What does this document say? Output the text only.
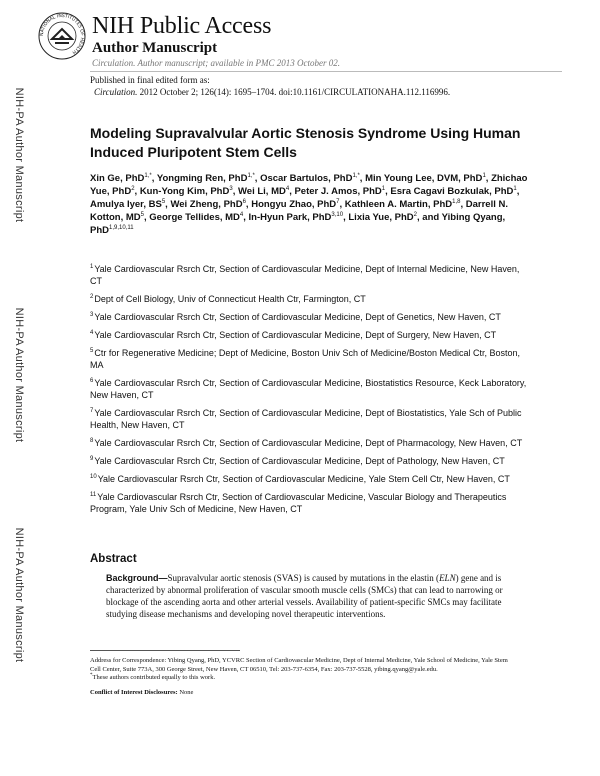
NATIONAL INSTITUTES OF HEALTH
NIH Public Access
Author Manuscript
Circulation. Author manuscript; available in PMC 2013 October 02.
Published in final edited form as:
Circulation. 2012 October 2; 126(14): 1695–1704. doi:10.1161/CIRCULATIONAHA.112.116996.
NIH-PA Author Manuscript
NIH-PA Author Manuscript
NIH-PA Author Manuscript
Modeling Supravalvular Aortic Stenosis Syndrome Using Human Induced Pluripotent Stem Cells
Xin Ge, PhD$^{1,*}$, Yongming Ren, PhD$^{1,*}$, Oscar Bartulos, PhD$^{1,*}$, Min Young Lee, DVM, PhD$^1$, Zhichao Yue, PhD$^2$, Kun-Yong Kim, PhD$^3$, Wei Li, $MD^4$, Peter J. Amos, PhD$^1$, Esra Cagavi Bozkulak, PhD$^1$, Amulya Iyer, $BS^5$, Wei Zheng, PhD$^6$, Hongyu Zhao, PhD$^7$, Kathleen A. Martin, PhD$^{1,8}$, Darrell N. Kotton, $MD^5$, George Tellides, $MD^4$, In-Hyun Park, PhD$^{3,10}$, Lixia Yue, PhD$^2$, and Yibing Qyang, PhD$^{1,9,10,11}$
$^1$Yale Cardiovascular Rsrch Ctr, Section of Cardiovascular Medicine, Dept of Internal Medicine, New Haven, CT
$^2$Dept of Cell Biology, Univ of Connecticut Health Ctr, Farmington, CT
$^3$Yale Cardiovascular Rsrch Ctr, Section of Cardiovascular Medicine, Dept of Genetics, New Haven, CT
$^4$Yale Cardiovascular Rsrch Ctr, Section of Cardiovascular Medicine, Dept of Surgery, New Haven, CT
$^5$Ctr for Regenerative Medicine; Dept of Medicine, Boston Univ Sch of Medicine/Boston Medical Ctr, Boston, MA
$^6$Yale Cardiovascular Rsrch Ctr, Section of Cardiovascular Medicine, Biostatistics Resource, Keck Laboratory, New Haven, CT
$^7$Yale Cardiovascular Rsrch Ctr, Section of Cardiovascular Medicine, Dept of Biostatistics, Yale Sch of Public Health, New Haven, CT
$^8$Yale Cardiovascular Rsrch Ctr, Section of Cardiovascular Medicine, Dept of Pharmacology, New Haven, CT
$^9$Yale Cardiovascular Rsrch Ctr, Section of Cardiovascular Medicine, Dept of Pathology, New Haven, CT
$^{10}$Yale Cardiovascular Rsrch Ctr, Section of Cardiovascular Medicine, Yale Stem Cell Ctr, New Haven, CT
$^{11}$Yale Cardiovascular Rsrch Ctr, Section of Cardiovascular Medicine, Vascular Biology and Therapeutics Program, Yale Univ Sch of Medicine, New Haven, CT
Abstract
Background—Supravalvular aortic stenosis (SVAS) is caused by mutations in the elastin (ELN) gene and is characterized by abnormal proliferation of vascular smooth muscle cells (SMCs) that can lead to narrowing or blockage of the ascending aorta and other arterial vessels. Availability of patient-specific SMCs may facilitate studying disease mechanisms and developing novel therapeutic interventions.
Address for Correspondence: Yibing Qyang, PhD, YCVRC Section of Cardiovascular Medicine, Dept of Internal Medicine, Yale School of Medicine, Yale Stem Cell Center, Suite 773A, 300 George Street, New Haven, CT 06510, Tel: 203-737-6354, Fax: 203-737-5528, yibing.qyang@yale.edu.
*These authors contributed equally to this work.
Conflict of Interest Disclosures: None
